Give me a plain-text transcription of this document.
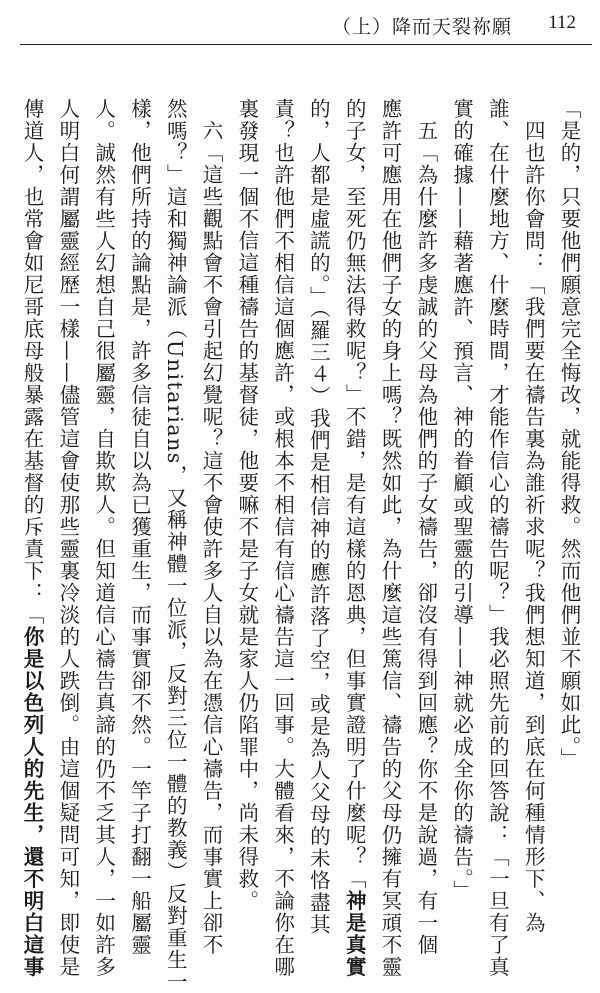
（上）降而天裂祢願 112
「是的，只要他們願意完全悔改，就能得救。然而他們並不願如此。」
　四也許你會問：「我們要在禱告裏為誰祈求呢？我們想知道，到底在何種情形下、為
誰、在什麼地方、什麼時間，才能作信心的禱告呢？」我必照先前的回答說：「一旦有了真
實的確據——藉著應許、預言、神的眷顧或聖靈的引導——神就必成全你的禱告。」
　五「為什麼許多虔誠的父母為他們的子女禱告，卻沒有得到回應？你不是說過，有一個
應許可應用在他們子女的身上嗎？既然如此，為什麼這些篤信、禱告的父母仍擁有冥頑不靈
的子女，至死仍無法得救呢？」不錯，是有這樣的恩典，但事實證明了什麼呢？「神是真實
的，人都是虛謊的。」（羅三４）我們是相信神的應許落了空，或是為人父母的未恪盡其
責？也許他們不相信這個應許，或根本不相信有信心禱告這一回事。大體看來，不論你在哪
裏發現一個不信這種禱告的基督徒，他要嘛不是子女就是家人仍陷罪中，尚未得救。
　六「這些觀點會不會引起幻覺呢？這不會使許多人自以為在憑信心禱告，而事實上卻不
然嗎？」這和獨神論派（Unitarians，又稱神體一位派，反對三位一體的教義）反對重生一
樣，他們所持的論點是，許多信徒自以為已獲重生，而事實卻不然。一竿子打翻一船屬靈
人。誠然有些人幻想自己很屬靈，自欺欺人。但知道信心禱告真諦的仍不乏其人，一如許多
人明白何謂屬靈經歷一樣——儘管這會使那些靈裏冷淡的人跌倒。由這個疑問可知，即使是
傳道人，也常會如尼哥底母般暴露在基督的斥責下：「你是以色列人的先生，還不明白這事
